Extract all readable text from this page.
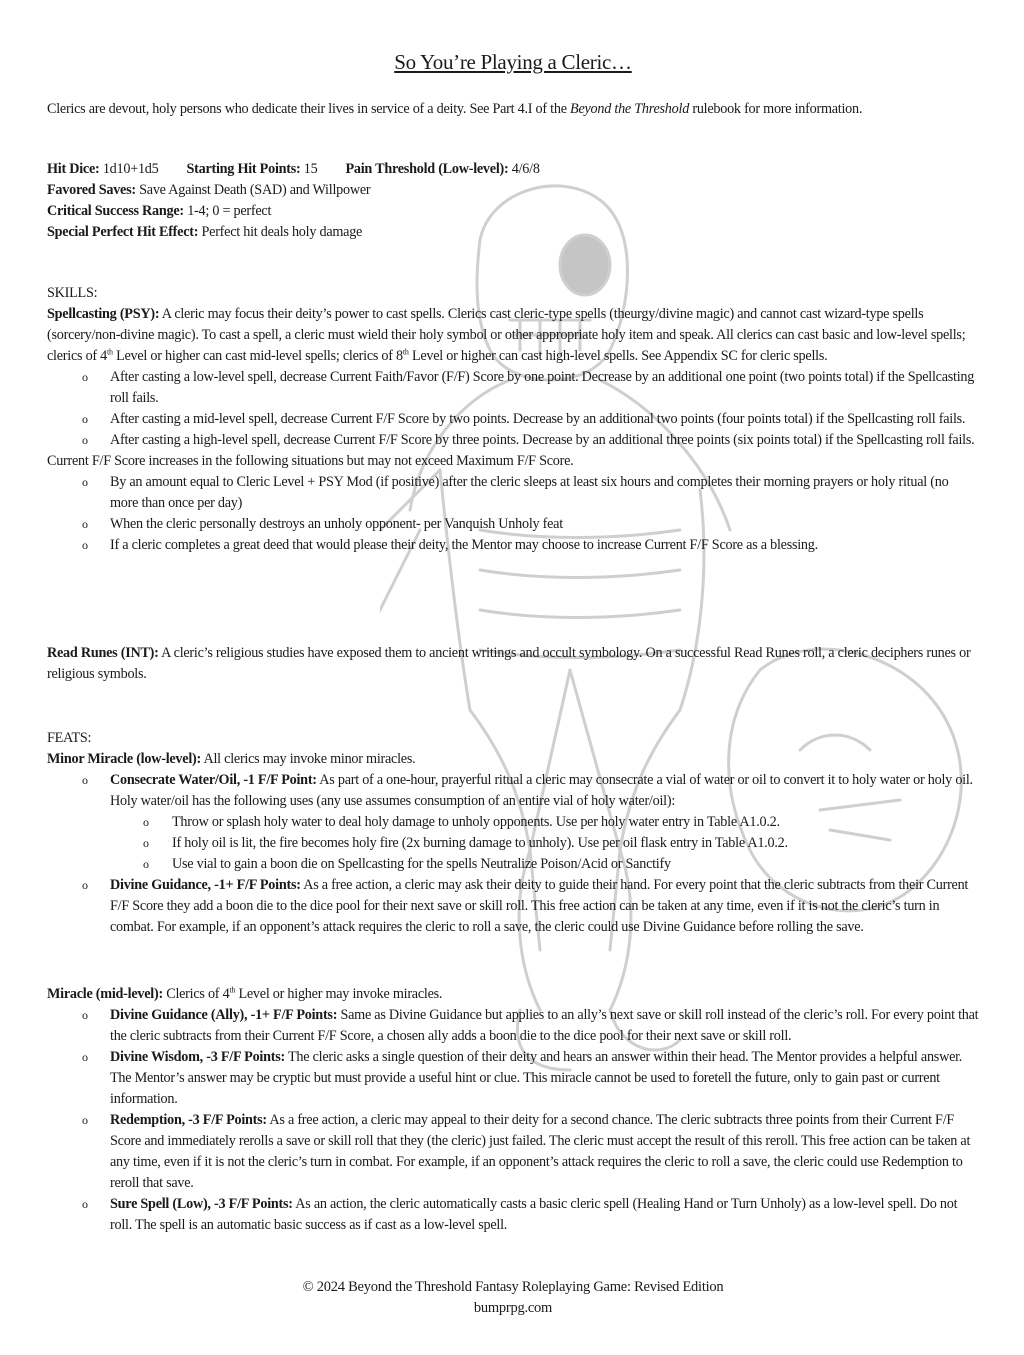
So You’re Playing a Cleric…

Clerics are devout, holy persons who dedicate their lives in service of a deity. See Part 4.I of the Beyond the Threshold rulebook for more information.

Hit Dice: 1d10+1d5 Starting Hit Points: 15 Pain Threshold (Low-level): 4/6/8

Favored Saves: Save Against Death (SAD) and Willpower

Critical Success Range: 1-4; 0 = perfect

Special Perfect Hit Effect: Perfect hit deals holy damage

SKILLS:

Spellcasting (PSY): A cleric may focus their deity’s power to cast spells. Clerics cast cleric-type spells (theurgy/divine magic) and cannot cast wizard-type spells (sorcery/non-divine magic). To cast a spell, a cleric must wield their holy symbol or other appropriate holy item and speak. All clerics can cast basic and low-level spells; clerics of 4th Level or higher can cast mid-level spells; clerics of 8th Level or higher can cast high-level spells. See Appendix SC for cleric spells.

o After casting a low-level spell, decrease Current Faith/Favor (F/F) Score by one point. Decrease by an additional one point (two points total) if the Spellcasting roll fails.
o After casting a mid-level spell, decrease Current F/F Score by two points. Decrease by an additional two points (four points total) if the Spellcasting roll fails.
o After casting a high-level spell, decrease Current F/F Score by three points. Decrease by an additional three points (six points total) if the Spellcasting roll fails.

Current F/F Score increases in the following situations but may not exceed Maximum F/F Score.

o By an amount equal to Cleric Level + PSY Mod (if positive) after the cleric sleeps at least six hours and completes their morning prayers or holy ritual (no more than once per day)
o When the cleric personally destroys an unholy opponent- per Vanquish Unholy feat
o If a cleric completes a great deed that would please their deity, the Mentor may choose to increase Current F/F Score as a blessing.

Read Runes (INT): A cleric’s religious studies have exposed them to ancient writings and occult symbology. On a successful Read Runes roll, a cleric deciphers runes or religious symbols.

FEATS:

Minor Miracle (low-level): All clerics may invoke minor miracles.

o Consecrate Water/Oil, -1 F/F Point: As part of a one-hour, prayerful ritual a cleric may consecrate a vial of water or oil to convert it to holy water or holy oil. Holy water/oil has the following uses (any use assumes consumption of an entire vial of holy water/oil):
o Throw or splash holy water to deal holy damage to unholy opponents. Use per holy water entry in Table A1.0.2.
o If holy oil is lit, the fire becomes holy fire (2x burning damage to unholy). Use per oil flask entry in Table A1.0.2.
o Use vial to gain a boon die on Spellcasting for the spells Neutralize Poison/Acid or Sanctify
o Divine Guidance, -1+ F/F Points: As a free action, a cleric may ask their deity to guide their hand. For every point that the cleric subtracts from their Current F/F Score they add a boon die to the dice pool for their next save or skill roll. This free action can be taken at any time, even if it is not the cleric’s turn in combat. For example, if an opponent’s attack requires the cleric to roll a save, the cleric could use Divine Guidance before rolling the save.

Miracle (mid-level): Clerics of 4th Level or higher may invoke miracles.

o Divine Guidance (Ally), -1+ F/F Points: Same as Divine Guidance but applies to an ally’s next save or skill roll instead of the cleric’s roll. For every point that the cleric subtracts from their Current F/F Score, a chosen ally adds a boon die to the dice pool for their next save or skill roll.
o Divine Wisdom, -3 F/F Points: The cleric asks a single question of their deity and hears an answer within their head. The Mentor provides a helpful answer. The Mentor’s answer may be cryptic but must provide a useful hint or clue. This miracle cannot be used to foretell the future, only to gain past or current information.
o Redemption, -3 F/F Points: As a free action, a cleric may appeal to their deity for a second chance. The cleric subtracts three points from their Current F/F Score and immediately rerolls a save or skill roll that they (the cleric) just failed. The cleric must accept the result of this reroll. This free action can be taken at any time, even if it is not the cleric’s turn in combat. For example, if an opponent’s attack requires the cleric to roll a save, the cleric could use Redemption to reroll that save.
o Sure Spell (Low), -3 F/F Points: As an action, the cleric automatically casts a basic cleric spell (Healing Hand or Turn Unholy) as a low-level spell. Do not roll. The spell is an automatic basic success as if cast as a low-level spell.

© 2024 Beyond the Threshold Fantasy Roleplaying Game: Revised Edition

bumprpg.com
